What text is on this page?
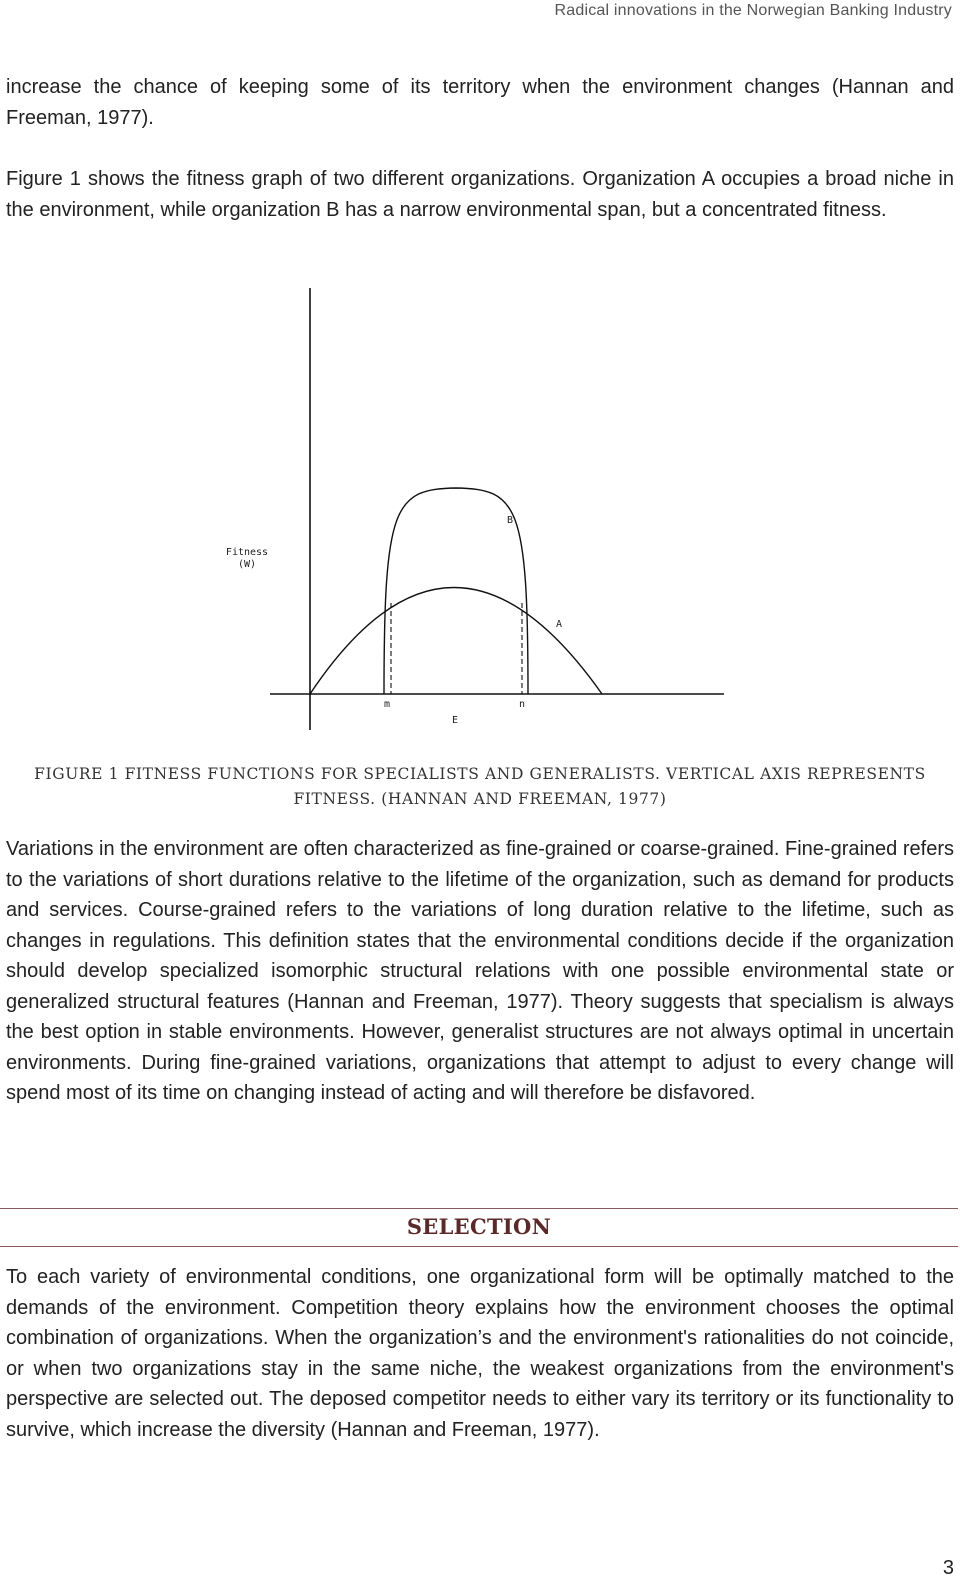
Radical innovations in the Norwegian Banking Industry

increase the chance of keeping some of its territory when the environment changes (Hannan and Freeman, 1977).

Figure 1 shows the fitness graph of two different organizations. Organization A occupies a broad niche in the environment, while organization B has a narrow environmental span, but a concentrated fitness.

Fitness
(W)
B
A
m	n
E

FIGURE 1 FITNESS FUNCTIONS FOR SPECIALISTS AND GENERALISTS. VERTICAL AXIS REPRESENTS FITNESS. (HANNAN AND FREEMAN, 1977)

Variations in the environment are often characterized as fine-grained or coarse-grained. Fine-grained refers to the variations of short durations relative to the lifetime of the organization, such as demand for products and services. Course-grained refers to the variations of long duration relative to the lifetime, such as changes in regulations. This definition states that the environmental conditions decide if the organization should develop specialized isomorphic structural relations with one possible environmental state or generalized structural features (Hannan and Freeman, 1977). Theory suggests that specialism is always the best option in stable environments. However, generalist structures are not always optimal in uncertain environments. During fine-grained variations, organizations that attempt to adjust to every change will spend most of its time on changing instead of acting and will therefore be disfavored.

SELECTION

To each variety of environmental conditions, one organizational form will be optimally matched to the demands of the environment. Competition theory explains how the environment chooses the optimal combination of organizations. When the organization’s and the environment's rationalities do not coincide, or when two organizations stay in the same niche, the weakest organizations from the environment's perspective are selected out. The deposed competitor needs to either vary its territory or its functionality to survive, which increase the diversity (Hannan and Freeman, 1977).

3
